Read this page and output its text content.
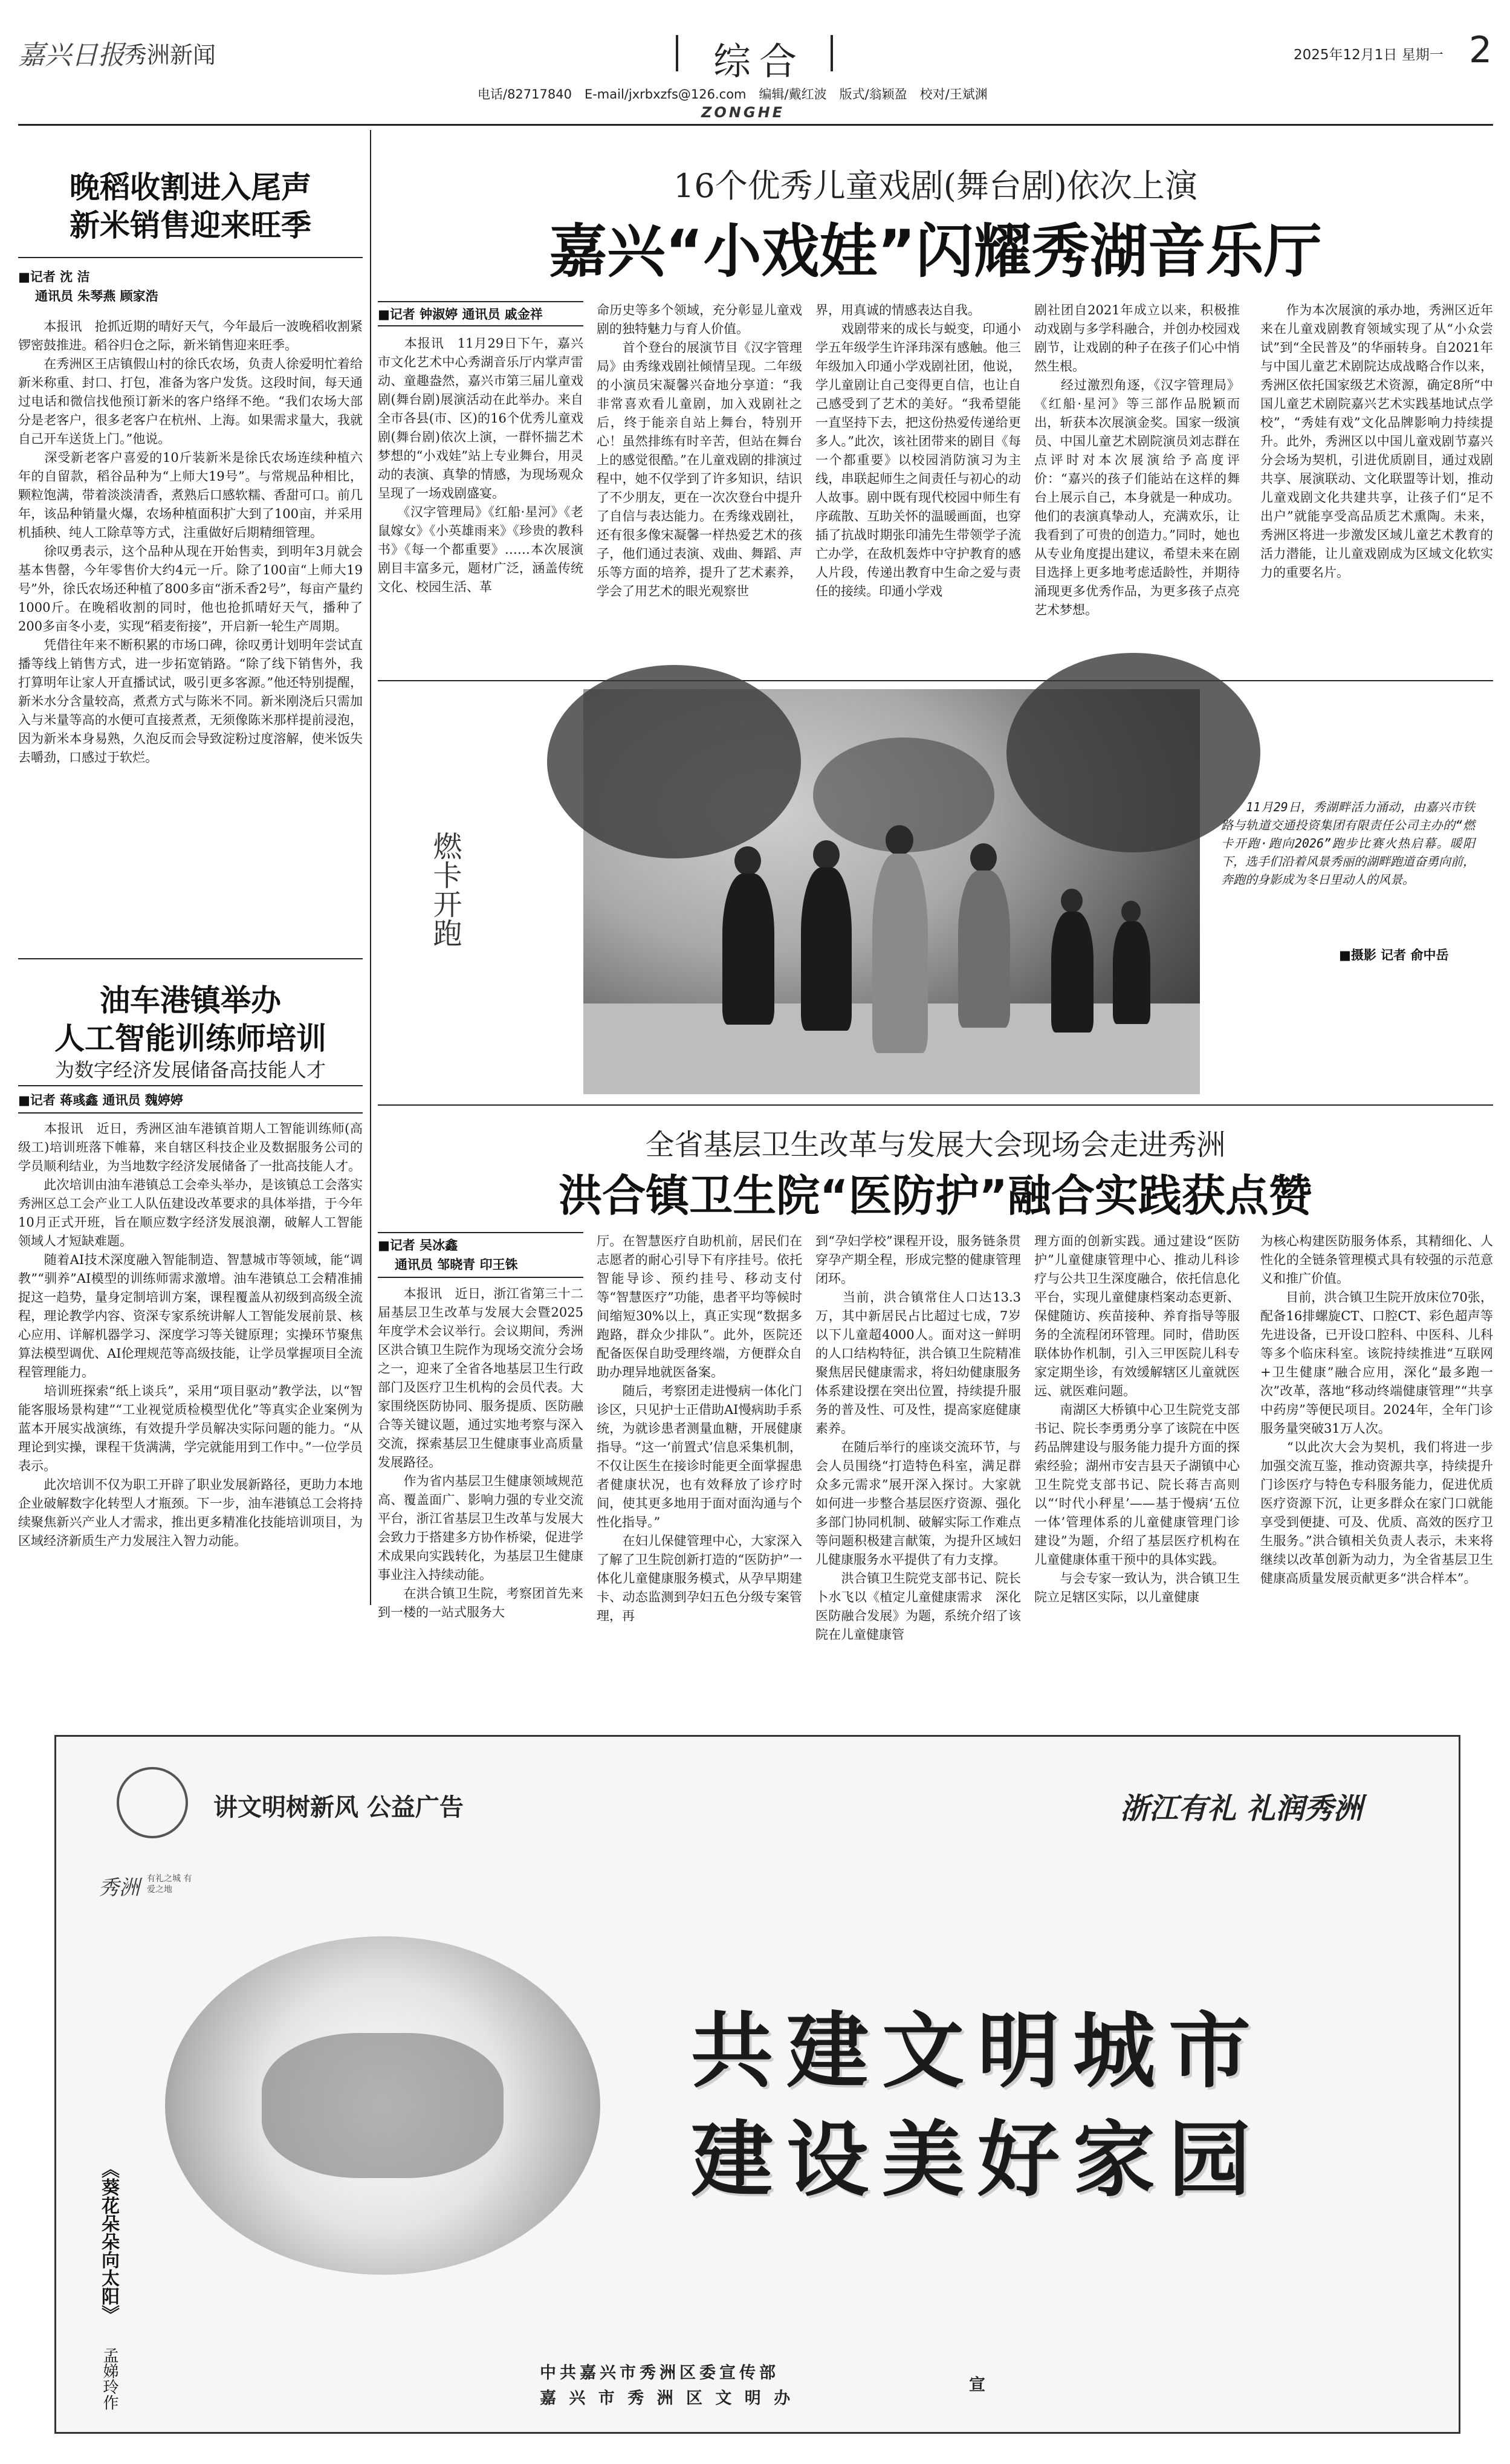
嘉兴日报 秀洲新闻	综合
电话/82717840　E-mail/jxrbxzfs@126.com　编辑/戴红波　版式/翁颖盈　校对/王斌渊
ZONGHE
2025年12月1日 星期一 2
晚稻收割进入尾声
新米销售迎来旺季
■记者 沈 洁
通讯员 朱琴燕 顾家浩
　　本报讯　抢抓近期的晴好天气，今年最后一波晚稻收割紧锣密鼓推进。稻谷归仓之际，新米销售迎来旺季。
　　在秀洲区王店镇假山村的徐氏农场，负责人徐爱明忙着给新米称重、封口、打包，准备为客户发货。这段时间，每天通过电话和微信找他预订新米的客户络绎不绝。“我们农场大部分是老客户，很多老客户在杭州、上海。如果需求量大，我就自己开车送货上门。”他说。
　　深受新老客户喜爱的10斤装新米是徐氏农场连续种植六年的自留款，稻谷品种为“上师大19号”。与常规品种相比，颗粒饱满，带着淡淡清香，煮熟后口感软糯、香甜可口。前几年，该品种销量火爆，农场种植面积扩大到了100亩，并采用机插秧、纯人工除草等方式，注重做好后期精细管理。
　　徐叹勇表示，这个品种从现在开始售卖，到明年3月就会基本售罄，今年零售价大约4元一斤。除了100亩“上师大19号”外，徐氏农场还种植了800多亩“浙禾香2号”，每亩产量约1000斤。在晚稻收割的同时，他也抢抓晴好天气，播种了200多亩冬小麦，实现“稻麦衔接”，开启新一轮生产周期。
　　凭借往年来不断积累的市场口碑，徐叹勇计划明年尝试直播等线上销售方式，进一步拓宽销路。“除了线下销售外，我打算明年让家人开直播试试，吸引更多客源。”他还特别提醒，新米水分含量较高，煮煮方式与陈米不同。新米刚浇后只需加入与米量等高的水便可直接煮煮，无须像陈米那样提前浸泡，因为新米本身易熟，久泡反而会导致淀粉过度溶解，使米饭失去嚼劲，口感过于软烂。
油车港镇举办
人工智能训练师培训
为数字经济发展储备高技能人才
■记者 蒋彧鑫 通讯员 魏婷婷
　　本报讯　近日，秀洲区油车港镇首期人工智能训练师(高级工)培训班落下帷幕，来自辖区科技企业及数据服务公司的学员顺利结业，为当地数字经济发展储备了一批高技能人才。
　　此次培训由油车港镇总工会牵头举办，是该镇总工会落实秀洲区总工会产业工人队伍建设改革要求的具体举措，于今年10月正式开班，旨在顺应数字经济发展浪潮，破解人工智能领域人才短缺难题。
　　随着AI技术深度融入智能制造、智慧城市等领域，能“调教”“驯养”AI模型的训练师需求激增。油车港镇总工会精准捕捉这一趋势，量身定制培训方案，课程覆盖从初级到高级全流程，理论教学内容、资深专家系统讲解人工智能发展前景、核心应用、详解机器学习、深度学习等关键原理；实操环节聚焦算法模型调优、AI伦理规范等高级技能，让学员掌握项目全流程管理能力。
　　培训班探索“纸上谈兵”，采用“项目驱动”教学法，以“智能客服场景构建”“工业视觉质检模型优化”等真实企业案例为蓝本开展实战演练，有效提升学员解决实际问题的能力。“从理论到实操，课程干货满满，学完就能用到工作中。”一位学员表示。
　　此次培训不仅为职工开辟了职业发展新路径，更助力本地企业破解数字化转型人才瓶颈。下一步，油车港镇总工会将持续聚焦新兴产业人才需求，推出更多精准化技能培训项目，为区域经济新质生产力发展注入智力动能。
16个优秀儿童戏剧(舞台剧)依次上演
嘉兴“小戏娃”闪耀秀湖音乐厅
■记者 钟淑婷 通讯员 戚金祥
　　本报讯　11月29日下午，嘉兴市文化艺术中心秀湖音乐厅内掌声雷动、童趣盎然，嘉兴市第三届儿童戏剧(舞台剧)展演活动在此举办。来自全市各县(市、区)的16个优秀儿童戏剧(舞台剧)依次上演，一群怀揣艺术梦想的“小戏娃”站上专业舞台，用灵动的表演、真挚的情感，为现场观众呈现了一场戏剧盛宴。
　　《汉字管理局》《红船·星河》《老鼠嫁女》《小英雄雨来》《珍贵的教科书》《每一个都重要》……本次展演剧目丰富多元，题材广泛，涵盖传统文化、校园生活、革
命历史等多个领域，充分彰显儿童戏剧的独特魅力与育人价值。
　　首个登台的展演节目《汉字管理局》由秀缘戏剧社倾情呈现。二年级的小演员宋凝馨兴奋地分享道：“我非常喜欢看儿童剧，加入戏剧社之后，终于能亲自站上舞台，特别开心！虽然排练有时辛苦，但站在舞台上的感觉很酷。”在儿童戏剧的排演过程中，她不仅学到了许多知识，结识了不少朋友，更在一次次登台中提升了自信与表达能力。在秀缘戏剧社，还有很多像宋凝馨一样热爱艺术的孩子，他们通过表演、戏曲、舞蹈、声乐等方面的培养，提升了艺术素养，学会了用艺术的眼光观察世
界，用真诚的情感表达自我。
　　戏剧带来的成长与蜕变，印通小学五年级学生许泽玮深有感触。他三年级加入印通小学戏剧社团，他说，学儿童剧让自己变得更自信，也让自己感受到了艺术的美好。“我希望能一直坚持下去，把这份热爱传递给更多人。”此次，该社团带来的剧目《每一个都重要》以校园消防演习为主线，串联起师生之间责任与初心的动人故事。剧中既有现代校园中师生有序疏散、互助关怀的温暖画面，也穿插了抗战时期张印浦先生带领学子流亡办学，在敌机轰炸中守护教育的感人片段，传递出教育中生命之爱与责任的接续。印通小学戏
剧社团自2021年成立以来，积极推动戏剧与多学科融合，并创办校园戏剧节，让戏剧的种子在孩子们心中悄然生根。
　　经过激烈角逐，《汉字管理局》《红船·星河》等三部作品脱颖而出，斩获本次展演金奖。国家一级演员、中国儿童艺术剧院演员刘志群在点评时对本次展演给予高度评价：“嘉兴的孩子们能站在这样的舞台上展示自己，本身就是一种成功。他们的表演真挚动人，充满欢乐，让我看到了可贵的创造力。”同时，她也从专业角度提出建议，希望未来在剧目选择上更多地考虑适龄性，并期待涌现更多优秀作品，为更多孩子点亮艺术梦想。
　　作为本次展演的承办地，秀洲区近年来在儿童戏剧教育领域实现了从“小众尝试”到“全民普及”的华丽转身。自2021年与中国儿童艺术剧院达成战略合作以来，秀洲区依托国家级艺术资源，确定8所“中国儿童艺术剧院嘉兴艺术实践基地试点学校”，“秀娃有戏”文化品牌影响力持续提升。此外，秀洲区以中国儿童戏剧节嘉兴分会场为契机，引进优质剧目，通过戏剧共享、展演联动、文化联盟等计划，推动儿童戏剧文化共建共享，让孩子们“足不出户”就能享受高品质艺术熏陶。未来，秀洲区将进一步激发区域儿童艺术教育的活力潜能，让儿童戏剧成为区域文化软实力的重要名片。
燃卡开跑
　　11月29日，秀湖畔活力涌动，由嘉兴市铁路与轨道交通投资集团有限责任公司主办的“燃卡开跑·跑向2026”跑步比赛火热启幕。暖阳下，选手们沿着风景秀丽的湖畔跑道奋勇向前，奔跑的身影成为冬日里动人的风景。
■摄影 记者 俞中岳
全省基层卫生改革与发展大会现场会走进秀洲
洪合镇卫生院“医防护”融合实践获点赞
■记者 吴冰鑫
通讯员 邹晓青 印王铢
　　本报讯　近日，浙江省第三十二届基层卫生改革与发展大会暨2025年度学术会议举行。会议期间，秀洲区洪合镇卫生院作为现场交流分会场之一，迎来了全省各地基层卫生行政部门及医疗卫生机构的会员代表。大家围绕医防协同、服务提质、医防融合等关键议题，通过实地考察与深入交流，探索基层卫生健康事业高质量发展路径。
　　作为省内基层卫生健康领域规范高、覆盖面广、影响力强的专业交流平台，浙江省基层卫生改革与发展大会致力于搭建多方协作桥梁，促进学术成果向实践转化，为基层卫生健康事业注入持续动能。
　　在洪合镇卫生院，考察团首先来到一楼的一站式服务大
厅。在智慧医疗自助机前，居民们在志愿者的耐心引导下有序挂号。依托智能导诊、预约挂号、移动支付等“智慧医疗”功能，患者平均等候时间缩短30%以上，真正实现“数据多跑路，群众少排队”。此外，医院还配备医保自助受理终端，方便群众自助办理异地就医备案。
　　随后，考察团走进慢病一体化门诊区，只见护士正借助AI慢病助手系统，为就诊患者测量血糖，开展健康指导。“这一‘前置式’信息采集机制，不仅让医生在接诊时能更全面掌握患者健康状况，也有效释放了诊疗时间，使其更多地用于面对面沟通与个性化指导。”
　　在妇儿保健管理中心，大家深入了解了卫生院创新打造的“医防护”一体化儿童健康服务模式，从孕早期建卡、动态监测到孕妇五色分级专案管理，再
到“孕妇学校”课程开设，服务链条贯穿孕产期全程，形成完整的健康管理闭环。
　　当前，洪合镇常住人口达13.3万，其中新居民占比超过七成，7岁以下儿童超4000人。面对这一鲜明的人口结构特征，洪合镇卫生院精准聚焦居民健康需求，将妇幼健康服务体系建设摆在突出位置，持续提升服务的普及性、可及性，提高家庭健康素养。
　　在随后举行的座谈交流环节，与会人员围绕“打造特色科室，满足群众多元需求”展开深入探讨。大家就如何进一步整合基层医疗资源、强化多部门协同机制、破解实际工作难点等问题积极建言献策，为提升区域妇儿健康服务水平提供了有力支撑。
　　洪合镇卫生院党支部书记、院长卜水飞以《植定儿童健康需求　深化医防融合发展》为题，系统介绍了该院在儿童健康管
理方面的创新实践。通过建设“医防护”儿童健康管理中心、推动儿科诊疗与公共卫生深度融合，依托信息化平台，实现儿童健康档案动态更新、保健随访、疾苗接种、养育指导等服务的全流程闭环管理。同时，借助医联体协作机制，引入三甲医院儿科专家定期坐诊，有效缓解辖区儿童就医远、就医难问题。
　　南湖区大桥镇中心卫生院党支部书记、院长李勇勇分享了该院在中医药品牌建设与服务能力提升方面的探索经验；湖州市安吉县天子湖镇中心卫生院党支部书记、院长蒋吉高则以“‘时代小秤星’——基于慢病‘五位一体’管理体系的儿童健康管理门诊建设”为题，介绍了基层医疗机构在儿童健康体重干预中的具体实践。
　　与会专家一致认为，洪合镇卫生院立足辖区实际，以儿童健康
为核心构建医防服务体系，其精细化、人性化的全链条管理模式具有较强的示范意义和推广价值。
　　目前，洪合镇卫生院开放床位70张，配备16排螺旋CT、口腔CT、彩色超声等先进设备，已开设口腔科、中医科、儿科等多个临床科室。该院持续推进“互联网+卫生健康”融合应用，深化“最多跑一次”改革，落地“移动终端健康管理”“共享中药房”等便民项目。2024年，全年门诊服务量突破31万人次。
　　“以此次大会为契机，我们将进一步加强交流互鉴，推动资源共享，持续提升门诊医疗与特色专科服务能力，促进优质医疗资源下沉，让更多群众在家门口就能享受到便捷、可及、优质、高效的医疗卫生服务。”洪合镇相关负责人表示，未来将继续以改革创新为动力，为全省基层卫生健康高质量发展贡献更多“洪合样本”。
讲文明树新风 公益广告	浙江有礼 礼润秀洲
秀洲 有礼之城 有爱之地
共建文明城市
建设美好家园
《葵花朵朵向太阳》
孟娣玲作	中共嘉兴市秀洲区委宣传部
嘉 兴 市 秀 洲 区 文 明 办
宣
